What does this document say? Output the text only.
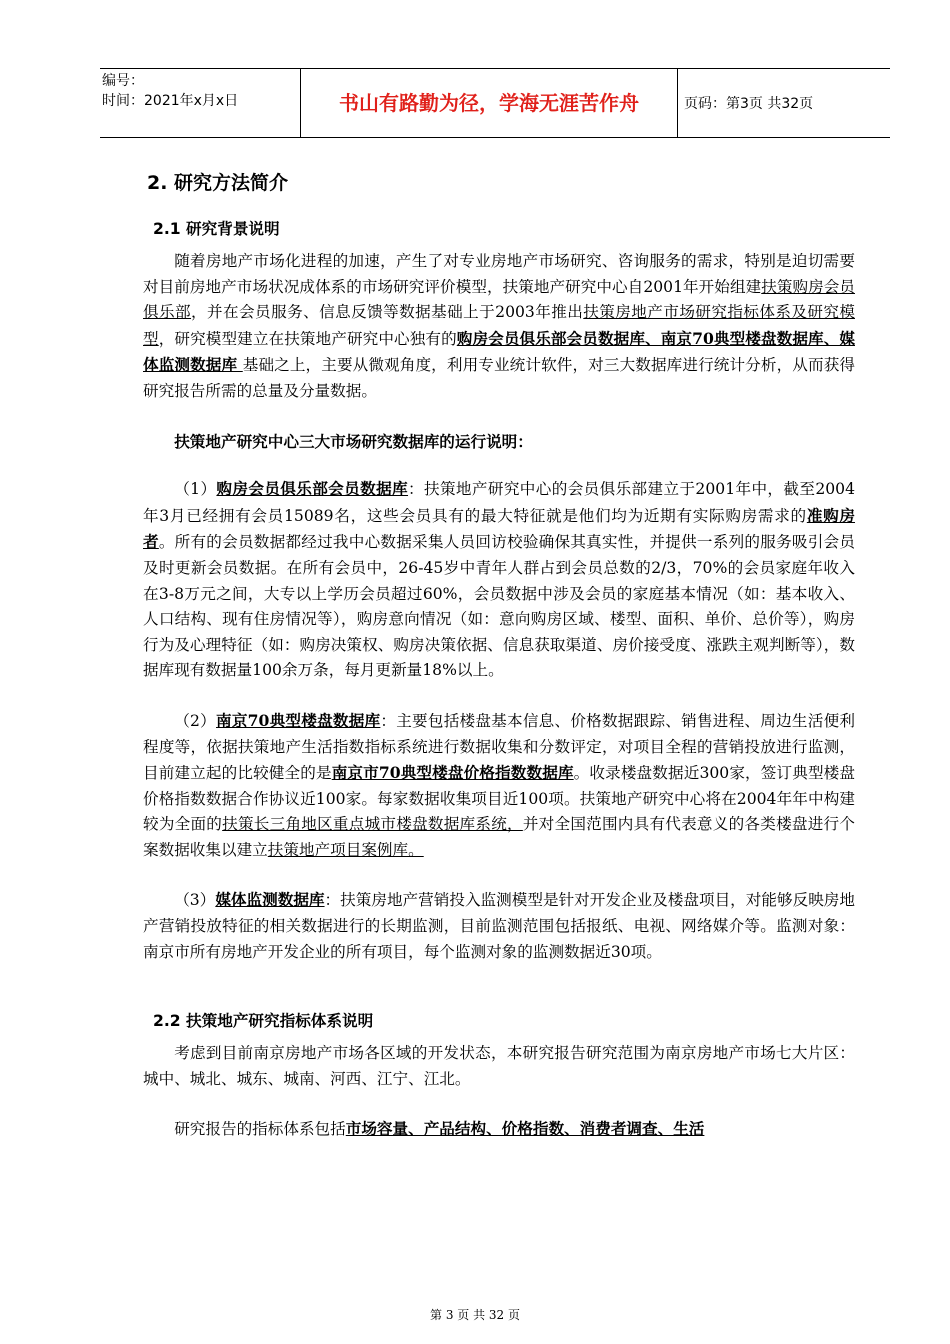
编号：
时间：2021年x月x日	书山有路勤为径，学海无涯苦作舟	页码：第3页 共32页
2. 研究方法简介
2.1 研究背景说明

随着房地产市场化进程的加速，产生了对专业房地产市场研究、咨询服务的需求，特别是迫切需要对目前房地产市场状况成体系的市场研究评价模型，扶策地产研究中心自2001年开始组建扶策购房会员俱乐部，并在会员服务、信息反馈等数据基础上于2003年推出扶策房地产市场研究指标体系及研究模型，研究模型建立在扶策地产研究中心独有的购房会员俱乐部会员数据库、南京70典型楼盘数据库、媒体监测数据库 基础之上，主要从微观角度，利用专业统计软件，对三大数据库进行统计分析，从而获得研究报告所需的总量及分量数据。

扶策地产研究中心三大市场研究数据库的运行说明：

（1）购房会员俱乐部会员数据库：扶策地产研究中心的会员俱乐部建立于2001年中，截至2004年3月已经拥有会员15089名，这些会员具有的最大特征就是他们均为近期有实际购房需求的准购房者。所有的会员数据都经过我中心数据采集人员回访校验确保其真实性，并提供一系列的服务吸引会员及时更新会员数据。在所有会员中，26-45岁中青年人群占到会员总数的2/3，70%的会员家庭年收入在3-8万元之间，大专以上学历会员超过60%，会员数据中涉及会员的家庭基本情况（如：基本收入、人口结构、现有住房情况等），购房意向情况（如：意向购房区域、楼型、面积、单价、总价等），购房行为及心理特征（如：购房决策权、购房决策依据、信息获取渠道、房价接受度、涨跌主观判断等），数据库现有数据量100余万条，每月更新量18%以上。

（2）南京70典型楼盘数据库：主要包括楼盘基本信息、价格数据跟踪、销售进程、周边生活便利程度等，依据扶策地产生活指数指标系统进行数据收集和分数评定，对项目全程的营销投放进行监测，目前建立起的比较健全的是南京市70典型楼盘价格指数数据库。收录楼盘数据近300家，签订典型楼盘价格指数数据合作协议近100家。每家数据收集项目近100项。扶策地产研究中心将在2004年年中构建较为全面的扶策长三角地区重点城市楼盘数据库系统，并对全国范围内具有代表意义的各类楼盘进行个案数据收集以建立扶策地产项目案例库。

（3）媒体监测数据库：扶策房地产营销投入监测模型是针对开发企业及楼盘项目，对能够反映房地产营销投放特征的相关数据进行的长期监测，目前监测范围包括报纸、电视、网络媒介等。监测对象：南京市所有房地产开发企业的所有项目，每个监测对象的监测数据近30项。

2.2 扶策地产研究指标体系说明

考虑到目前南京房地产市场各区域的开发状态，本研究报告研究范围为南京房地产市场七大片区：城中、城北、城东、城南、河西、江宁、江北。

研究报告的指标体系包括市场容量、产品结构、价格指数、消费者调查、生活

第 3 页 共 32 页
